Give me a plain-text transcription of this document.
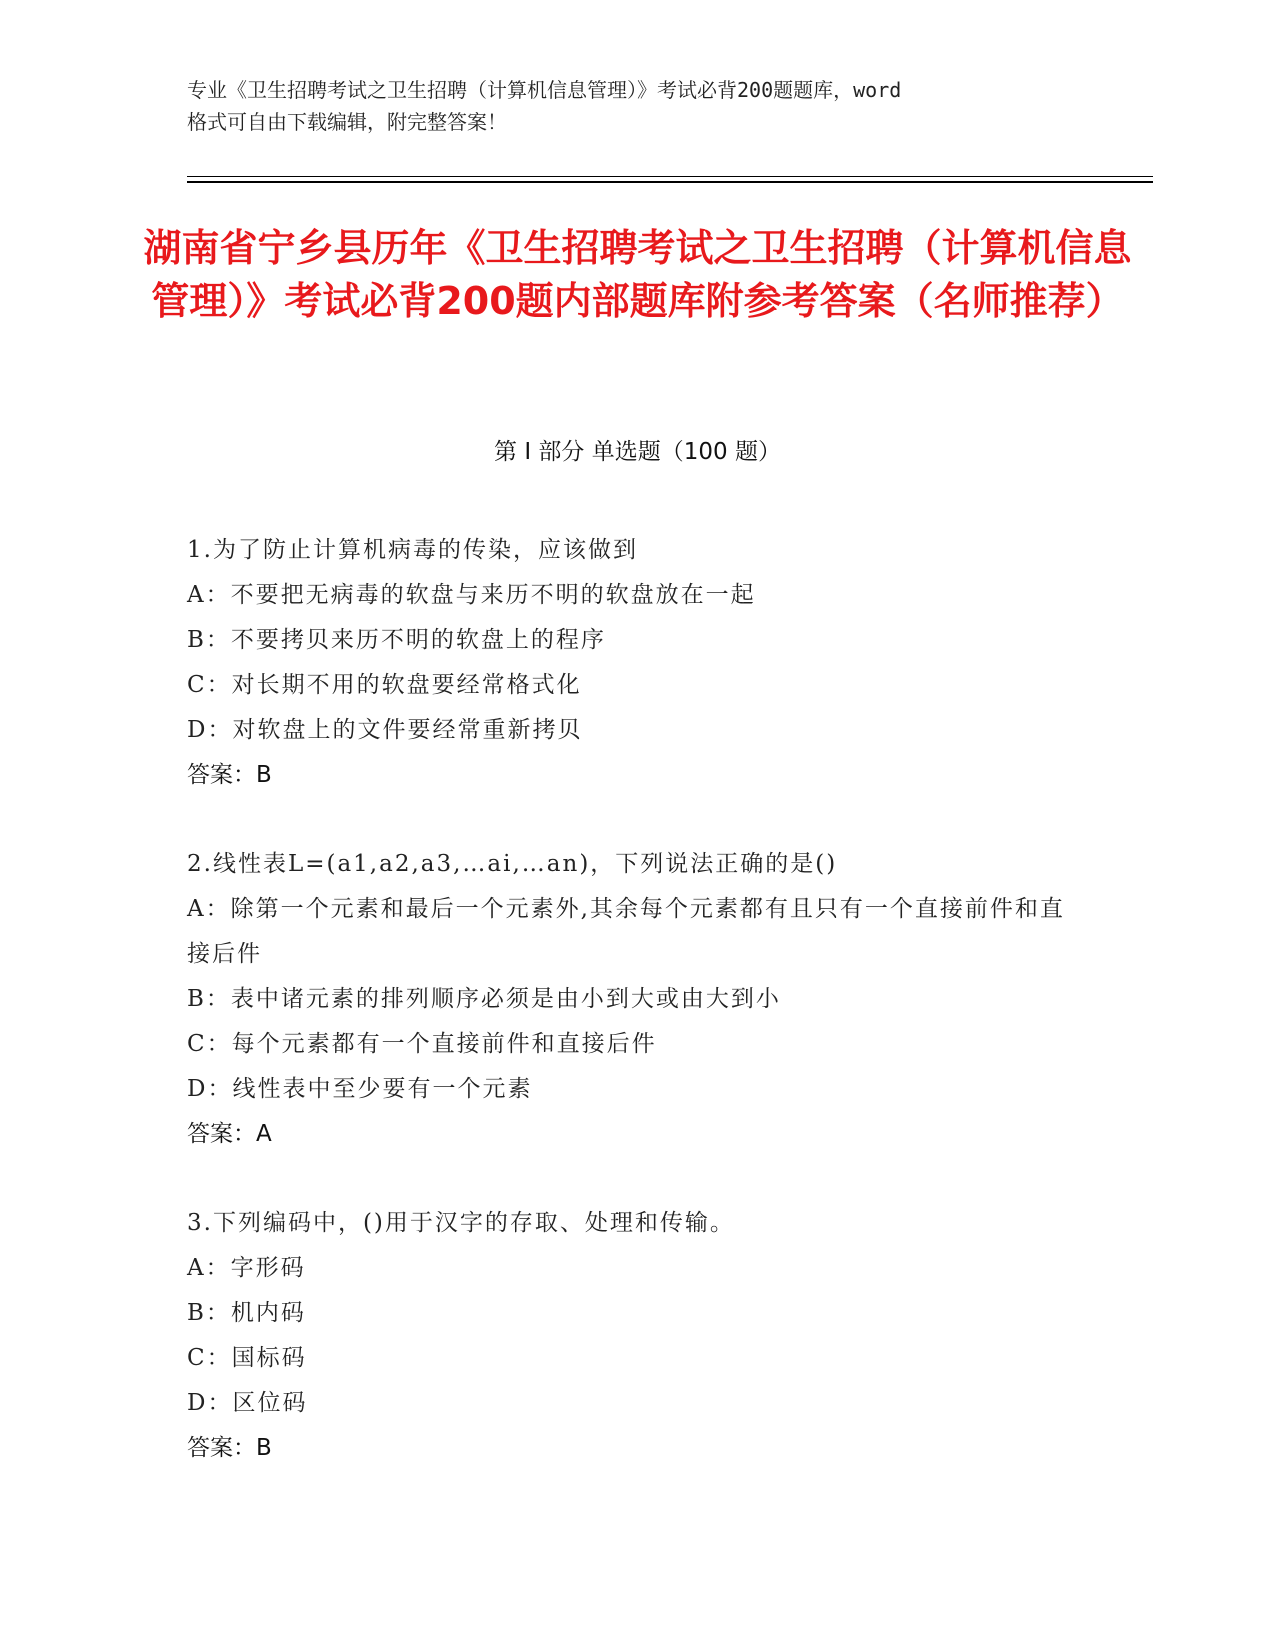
专业《卫生招聘考试之卫生招聘（计算机信息管理）》考试必背200题题库，word
格式可自由下载编辑，附完整答案！
湖南省宁乡县历年《卫生招聘考试之卫生招聘（计算机信息管理）》考试必背200题内部题库附参考答案（名师推荐）
第 I 部分 单选题（100 题）

1.为了防止计算机病毒的传染，应该做到

A：不要把无病毒的软盘与来历不明的软盘放在一起

B：不要拷贝来历不明的软盘上的程序

C：对长期不用的软盘要经常格式化

D：对软盘上的文件要经常重新拷贝

答案：B

2.线性表L=(a1,a2,a3,…ai,…an)，下列说法正确的是()

A：除第一个元素和最后一个元素外,其余每个元素都有且只有一个直接前件和直接后件

B：表中诸元素的排列顺序必须是由小到大或由大到小

C：每个元素都有一个直接前件和直接后件

D：线性表中至少要有一个元素

答案：A

3.下列编码中，()用于汉字的存取、处理和传输。

A：字形码

B：机内码

C：国标码

D：区位码

答案：B
